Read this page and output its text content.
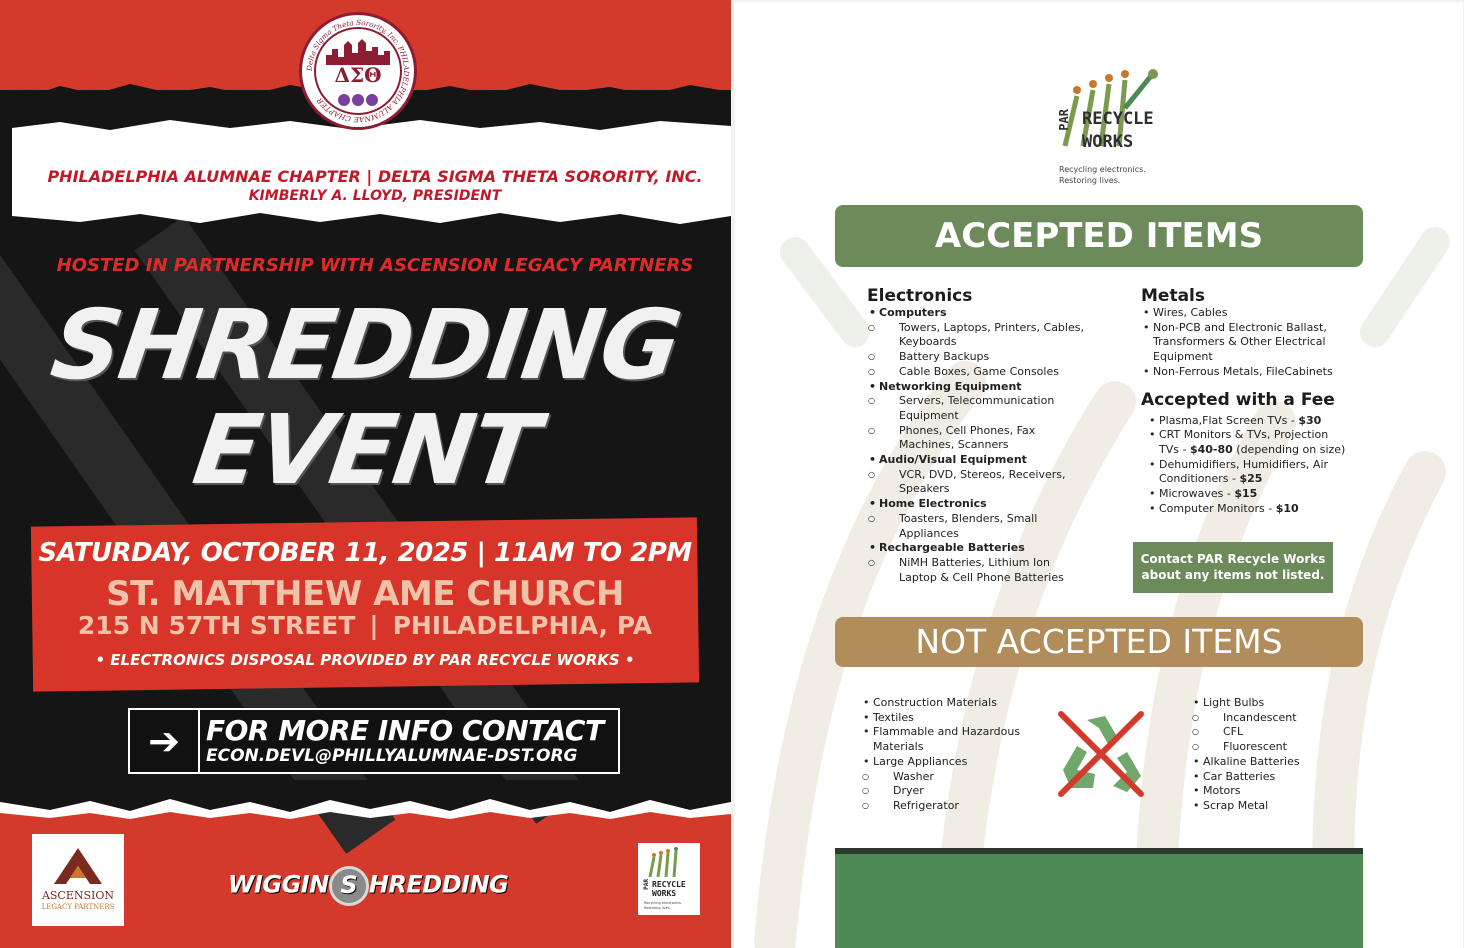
Delta Sigma Theta Sorority, Inc. PHILADELPHIA ALUMNAE CHAPTER
ΔΣΘ
PHILADELPHIA ALUMNAE CHAPTER | DELTA SIGMA THETA SORORITY, INC.
KIMBERLY A. LLOYD, PRESIDENT
HOSTED IN PARTNERSHIP WITH ASCENSION LEGACY PARTNERS
SHREDDING
EVENT
SATURDAY, OCTOBER 11, 2025 | 11AM TO 2PM
ST. MATTHEW AME CHURCH
215 N 57TH STREET | PHILADELPHIA, PA
• ELECTRONICS DISPOSAL PROVIDED BY PAR RECYCLE WORKS •
➔ FOR MORE INFO CONTACT
ECON.DEVL@PHILLYALUMNAE-DST.ORG
ASCENSION
LEGACY PARTNERS
WIGGIN S HREDDING	PAR RECYCLE
WORKS
Recycling electronics. Restoring lives.
PAR RECYCLE
WORKS
Recycling electronics.
Restoring lives.
ACCEPTED ITEMS
Electronics
• Computers
○ Towers, Laptops, Printers, Cables,
Keyboards
○ Battery Backups
○ Cable Boxes, Game Consoles
• Networking Equipment
○ Servers, Telecommunication
Equipment
○ Phones, Cell Phones, Fax
Machines, Scanners
• Audio/Visual Equipment
○ VCR, DVD, Stereos, Receivers,
Speakers
• Home Electronics
○ Toasters, Blenders, Small
Appliances
• Rechargeable Batteries
○ NiMH Batteries, Lithium Ion
Laptop & Cell Phone Batteries
Metals
• Wires, Cables
• Non-PCB and Electronic Ballast,
Transformers & Other Electrical
Equipment
• Non-Ferrous Metals, FileCabinets
Accepted with a Fee
• Plasma,Flat Screen TVs - $30
• CRT Monitors & TVs, Projection
TVs - $40-80 (depending on size)
• Dehumidifiers, Humidifiers, Air
Conditioners - $25
• Microwaves - $15
• Computer Monitors - $10
Contact PAR Recycle Works
about any items not listed.
NOT ACCEPTED ITEMS
• Construction Materials
• Textiles
• Flammable and Hazardous
Materials
• Large Appliances
○ Washer
○ Dryer
○ Refrigerator
• Light Bulbs
○ Incandescent
○ CFL
○ Fluorescent
• Alkaline Batteries
• Car Batteries
• Motors
• Scrap Metal
